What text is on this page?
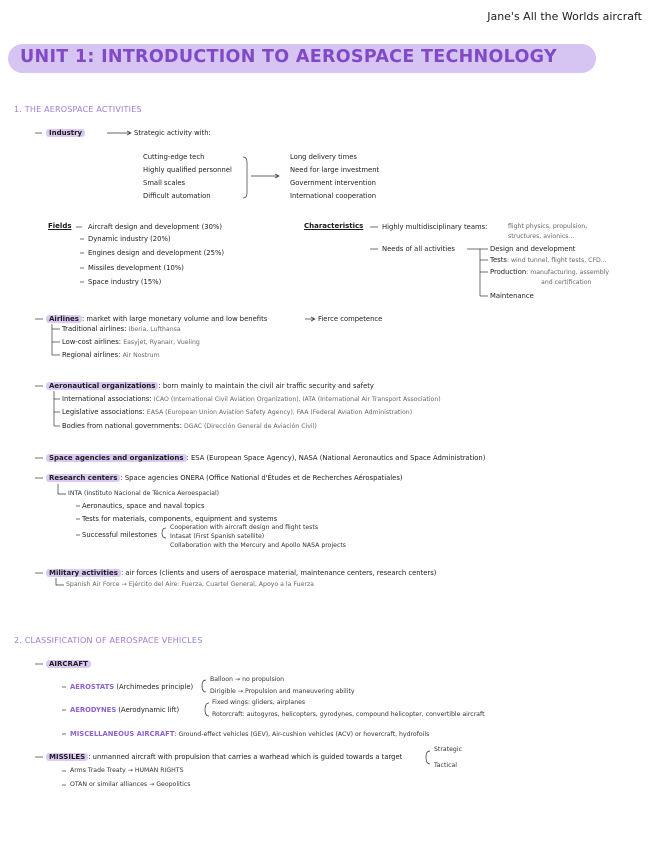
Jane's All the Worlds aircraft
UNIT 1: INTRODUCTION TO AEROSPACE TECHNOLOGY
1. THE AEROSPACE ACTIVITIES
Industry	Strategic activity with:
Cutting-edge tech
Highly qualified personnel
Small scales
Difficult automation
Long delivery times
Need for large investment
Government intervention
International cooperation
Fields Aircraft design and development (30%)
Dynamic industry (20%)
Engines design and development (25%)
Missiles development (10%)
Space industry (15%)
Characteristics	Highly multidisciplinary teams:	flight physics, propulsion,
structures, avionics...
Needs of all activities	Design and development
Tests: wind tunnel, flight tests, CFD...
Production: manufacturing, assembly
and certification
Maintenance
Airlines : market with large monetary volume and low benefits	Fierce competence
Traditional airlines: Iberia, Lufthansa
Low-cost airlines: Easyjet, Ryanair, Vueling
Regional airlines: Air Nostrum
Aeronautical organizations : born mainly to maintain the civil air traffic security and safety
International associations: ICAO (International Civil Aviation Organization), IATA (International Air Transport Association)
Legislative associations: EASA (European Union Aviation Safety Agency), FAA (Federal Aviation Administration)
Bodies from national governments: DGAC (Dirección General de Aviación Civil)
Space agencies and organizations : ESA (European Space Agency), NASA (National Aeronautics and Space Administration)
Research centers : Space agencies ONERA (Office National d'Études et de Recherches Aérospatiales)
INTA (Instituto Nacional de Técnica Aeroespacial)
Aeronautics, space and naval topics
Tests for materials, components, equipment and systems
Successful milestones
Cooperation with aircraft design and flight tests
Intasat (First Spanish satellite)
Collaboration with the Mercury and Apollo NASA projects
Military activities : air forces (clients and users of aerospace material, maintenance centers, research centers)
Spanish Air Force → Ejército del Aire: Fuerza, Cuartel General, Apoyo a la Fuerza
2. CLASSIFICATION OF AEROSPACE VEHICLES
AIRCRAFT
AEROSTATS (Archimedes principle)
Balloon → no propulsion
Dirigible → Propulsion and maneuvering ability
AERODYNES (Aerodynamic lift)
Fixed wings: gliders, airplanes
Rotorcraft: autogyros, helicopters, gyrodynes, compound helicopter, convertible aircraft
MISCELLANEOUS AIRCRAFT: Ground-effect vehicles (GEV), Air-cushion vehicles (ACV) or hovercraft, hydrofoils
MISSILES : unmanned aircraft with propulsion that carries a warhead which is guided towards a target
Strategic
Tactical
Arms Trade Treaty → HUMAN RIGHTS
OTAN or similar alliances → Geopolitics
